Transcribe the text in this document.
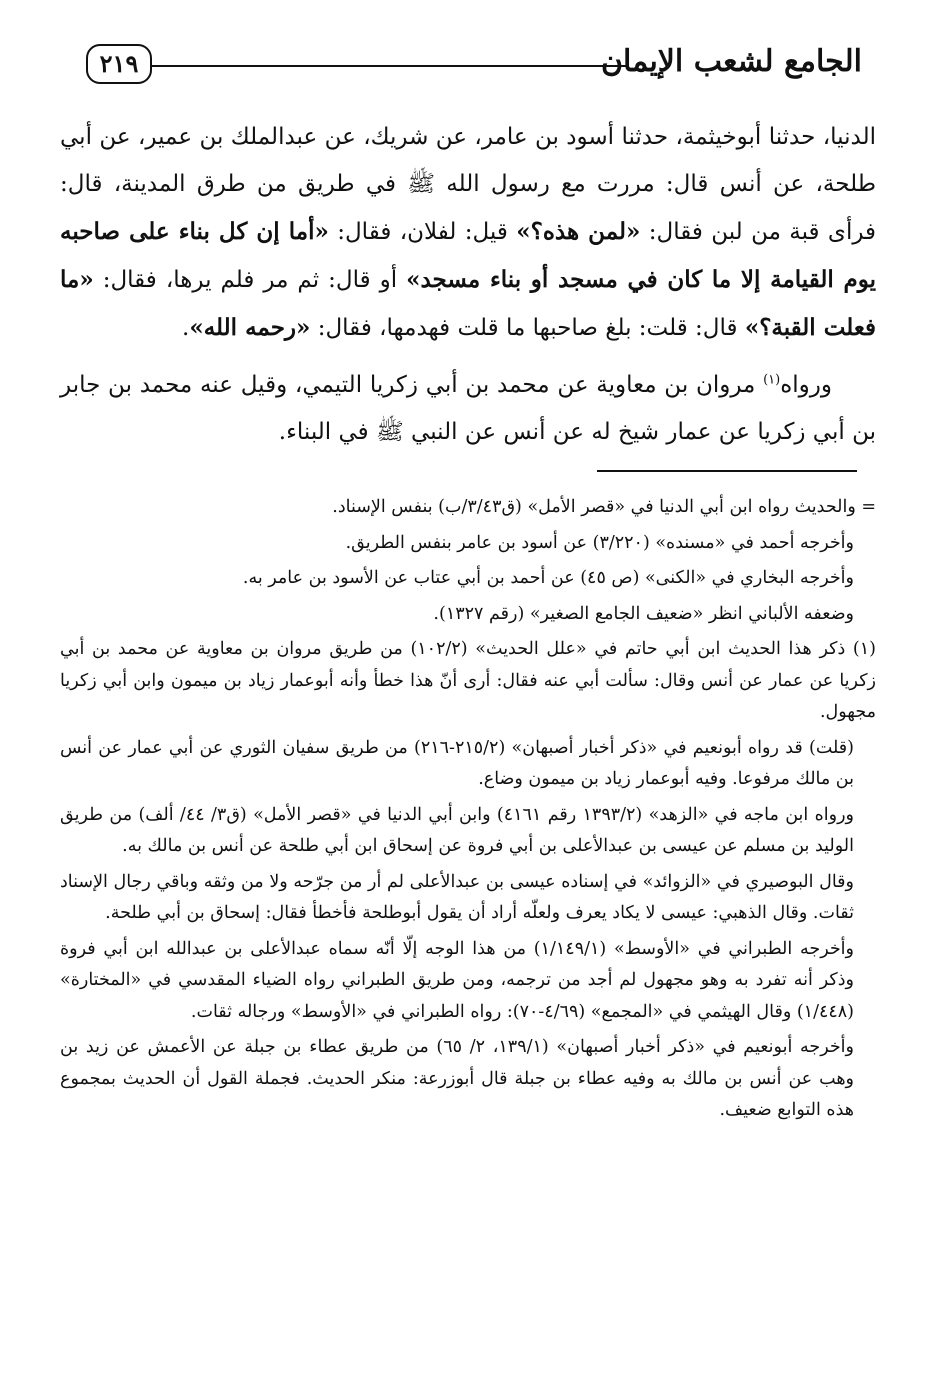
الجامع لشعب الإيمان
٢١٩

الدنيا، حدثنا أبوخيثمة، حدثنا أسود بن عامر، عن شريك، عن عبدالملك بن عمير، عن أبي طلحة، عن أنس قال: مررت مع رسول الله ﷺ في طريق من طرق المدينة، قال: فرأى قبة من لبن فقال: «لمن هذه؟» قيل: لفلان، فقال: «أما إن كل بناء على صاحبه يوم القيامة إلا ما كان في مسجد أو بناء مسجد» أو قال: ثم مر فلم يرها، فقال: «ما فعلت القبة؟» قال: قلت: بلغ صاحبها ما قلت فهدمها، فقال: «رحمه الله».

ورواه$^{(١)}$ مروان بن معاوية عن محمد بن أبي زكريا التيمي، وقيل عنه محمد بن جابر بن أبي زكريا عن عمار شيخ له عن أنس عن النبي ﷺ في البناء.

= والحديث رواه ابن أبي الدنيا في «قصر الأمل» (ق٣/٤٣/ب) بنفس الإسناد.

وأخرجه أحمد في «مسنده» (٣/٢٢٠) عن أسود بن عامر بنفس الطريق.

وأخرجه البخاري في «الكنى» (ص ٤٥) عن أحمد بن أبي عتاب عن الأسود بن عامر به.

وضعفه الألباني انظر «ضعيف الجامع الصغير» (رقم ١٣٢٧).

(١) ذكر هذا الحديث ابن أبي حاتم في «علل الحديث» (١٠٢/٢) من طريق مروان بن معاوية عن محمد بن أبي زكريا عن عمار عن أنس وقال: سألت أبي عنه فقال: أرى أنّ هذا خطأ وأنه أبوعمار زياد بن ميمون وابن أبي زكريا مجهول.

(قلت) قد رواه أبونعيم في «ذكر أخبار أصبهان» (٢١٥/٢-٢١٦) من طريق سفيان الثوري عن أبي عمار عن أنس بن مالك مرفوعا. وفيه أبوعمار زياد بن ميمون وضاع.

ورواه ابن ماجه في «الزهد» (١٣٩٣/٢ رقم ٤١٦١) وابن أبي الدنيا في «قصر الأمل» (ق٣/ ٤٤/ ألف) من طريق الوليد بن مسلم عن عيسى بن عبدالأعلى بن أبي فروة عن إسحاق ابن أبي طلحة عن أنس بن مالك به.

وقال البوصيري في «الزوائد» في إسناده عيسى بن عبدالأعلى لم أر من جرّحه ولا من وثقه وباقي رجال الإسناد ثقات. وقال الذهبي: عيسى لا يكاد يعرف ولعلّه أراد أن يقول أبوطلحة فأخطأ فقال: إسحاق بن أبي طلحة.

وأخرجه الطبراني في «الأوسط» (١/١٤٩/١) من هذا الوجه إلّا أنّه سماه عبدالأعلى بن عبدالله ابن أبي فروة وذكر أنه تفرد به وهو مجهول لم أجد من ترجمه، ومن طريق الطبراني رواه الضياء المقدسي في «المختارة» (١/٤٤٨) وقال الهيثمي في «المجمع» (٤/٦٩-٧٠): رواه الطبراني في «الأوسط» ورجاله ثقات.

وأخرجه أبونعيم في «ذكر أخبار أصبهان» (١٣٩/١، ٢/ ٦٥) من طريق عطاء بن جبلة عن الأعمش عن زيد بن وهب عن أنس بن مالك به وفيه عطاء بن جبلة قال أبوزرعة: منكر الحديث. فجملة القول أن الحديث بمجموع هذه التوابع ضعيف.
